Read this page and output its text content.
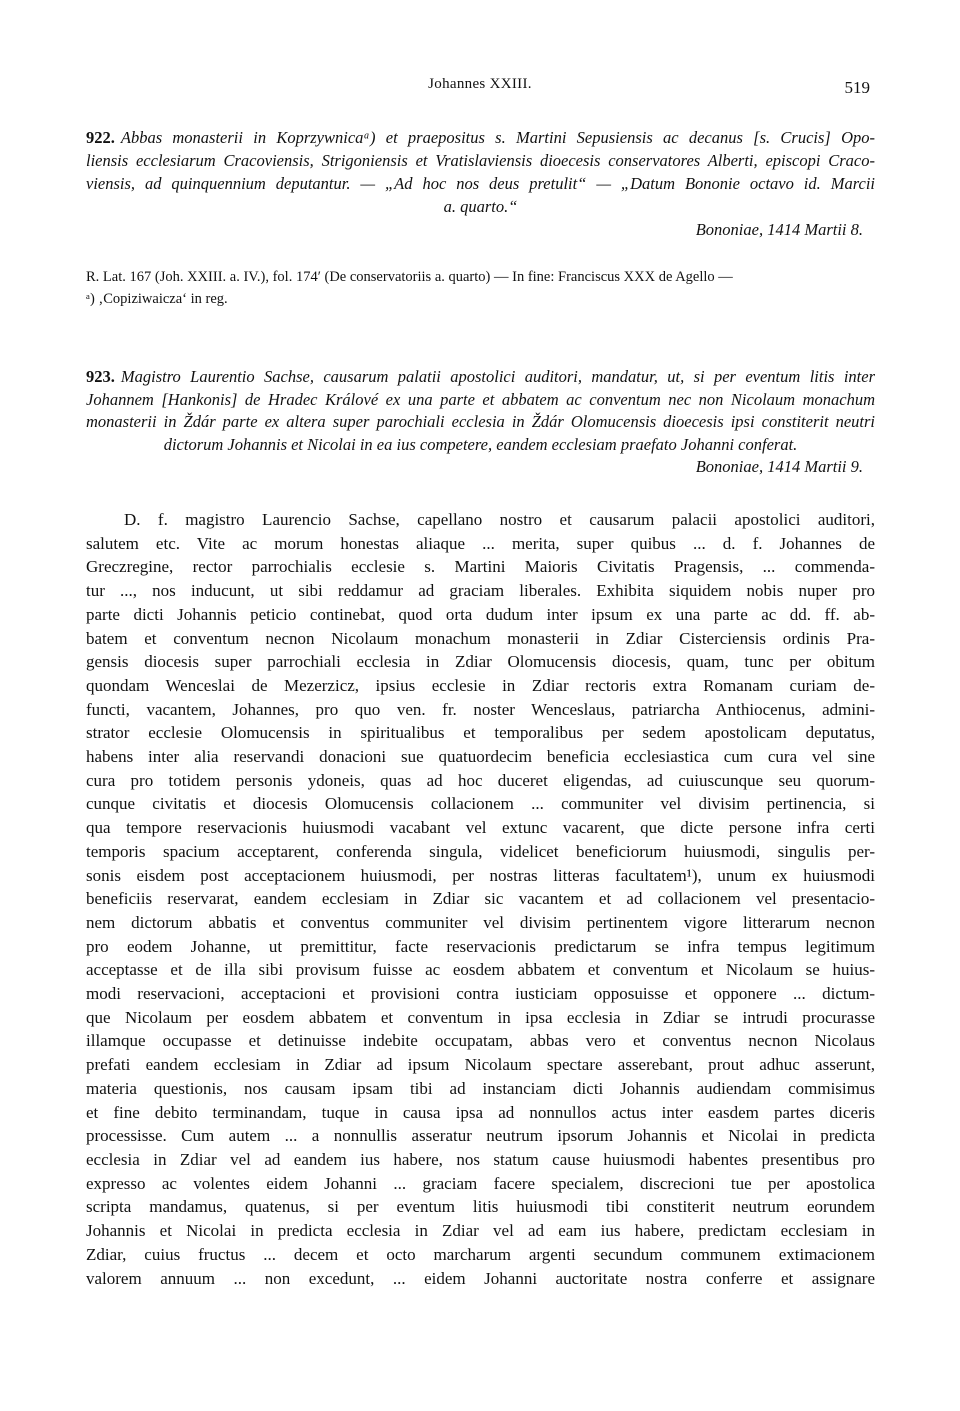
Johannes XXIII.	519
922. Abbas monasterii in Koprzywnicaᵃ) et praepositus s. Martini Sepusiensis ac decanus [s. Crucis] Opo-
liensis ecclesiarum Cracoviensis, Strigoniensis et Vratislaviensis dioecesis conservatores Alberti, episcopi Craco-
viensis, ad quinquennium deputantur. — „Ad hoc nos deus pretulit“ — „Datum Bononie octavo id. Marcii
a. quarto.“
Bononiae, 1414 Martii 8.
R. Lat. 167 (Joh. XXIII. a. IV.), fol. 174′ (De conservatoriis a. quarto) — In fine: Franciscus XXX de Agello —
ᵃ) ‚Copiziwaicza‘ in reg.
923. Magistro Laurentio Sachse, causarum palatii apostolici auditori, mandatur, ut, si per eventum litis inter
Johannem [Hankonis] de Hradec Králové ex una parte et abbatem ac conventum nec non Nicolaum monachum
monasterii in Ždár parte ex altera super parochiali ecclesia in Ždár Olomucensis dioecesis ipsi constiterit neutri
dictorum Johannis et Nicolai in ea ius competere, eandem ecclesiam praefato Johanni conferat.
Bononiae, 1414 Martii 9.
D. f. magistro Laurencio Sachse, capellano nostro et causarum palacii apostolici auditori,
salutem etc. Vite ac morum honestas aliaque ... merita, super quibus ... d. f. Johannes de
Greczregine, rector parrochialis ecclesie s. Martini Maioris Civitatis Pragensis, ... commenda-
tur ..., nos inducunt, ut sibi reddamur ad graciam liberales. Exhibita siquidem nobis nuper pro
parte dicti Johannis peticio continebat, quod orta dudum inter ipsum ex una parte ac dd. ff. ab-
batem et conventum necnon Nicolaum monachum monasterii in Zdiar Cisterciensis ordinis Pra-
gensis diocesis super parrochiali ecclesia in Zdiar Olomucensis diocesis, quam, tunc per obitum
quondam Wenceslai de Mezerzicz, ipsius ecclesie in Zdiar rectoris extra Romanam curiam de-
functi, vacantem, Johannes, pro quo ven. fr. noster Wenceslaus, patriarcha Anthiocenus, admini-
strator ecclesie Olomucensis in spiritualibus et temporalibus per sedem apostolicam deputatus,
habens inter alia reservandi donacioni sue quatuordecim beneficia ecclesiastica cum cura vel sine
cura pro totidem personis ydoneis, quas ad hoc duceret eligendas, ad cuiuscunque seu quorum-
cunque civitatis et diocesis Olomucensis collacionem ... communiter vel divisim pertinencia, si
qua tempore reservacionis huiusmodi vacabant vel extunc vacarent, que dicte persone infra certi
temporis spacium acceptarent, conferenda singula, videlicet beneficiorum huiusmodi, singulis per-
sonis eisdem post acceptacionem huiusmodi, per nostras litteras facultatem¹), unum ex huiusmodi
beneficiis reservarat, eandem ecclesiam in Zdiar sic vacantem et ad collacionem vel presentacio-
nem dictorum abbatis et conventus communiter vel divisim pertinentem vigore litterarum necnon
pro eodem Johanne, ut premittitur, facte reservacionis predictarum se infra tempus legitimum
acceptasse et de illa sibi provisum fuisse ac eosdem abbatem et conventum et Nicolaum se huius-
modi reservacioni, acceptacioni et provisioni contra iusticiam opposuisse et opponere ... dictum-
que Nicolaum per eosdem abbatem et conventum in ipsa ecclesia in Zdiar se intrudi procurasse
illamque occupasse et detinuisse indebite occupatam, abbas vero et conventus necnon Nicolaus
prefati eandem ecclesiam in Zdiar ad ipsum Nicolaum spectare asserebant, prout adhuc asserunt,
materia questionis, nos causam ipsam tibi ad instanciam dicti Johannis audiendam commisimus
et fine debito terminandam, tuque in causa ipsa ad nonnullos actus inter easdem partes diceris
processisse. Cum autem ... a nonnullis asseratur neutrum ipsorum Johannis et Nicolai in predicta
ecclesia in Zdiar vel ad eandem ius habere, nos statum cause huiusmodi habentes presentibus pro
expresso ac volentes eidem Johanni ... graciam facere specialem, discrecioni tue per apostolica
scripta mandamus, quatenus, si per eventum litis huiusmodi tibi constiterit neutrum eorundem
Johannis et Nicolai in predicta ecclesia in Zdiar vel ad eam ius habere, predictam ecclesiam in
Zdiar, cuius fructus ... decem et octo marcharum argenti secundum communem extimacionem
valorem annuum ... non excedunt, ... eidem Johanni auctoritate nostra conferre et assignare
